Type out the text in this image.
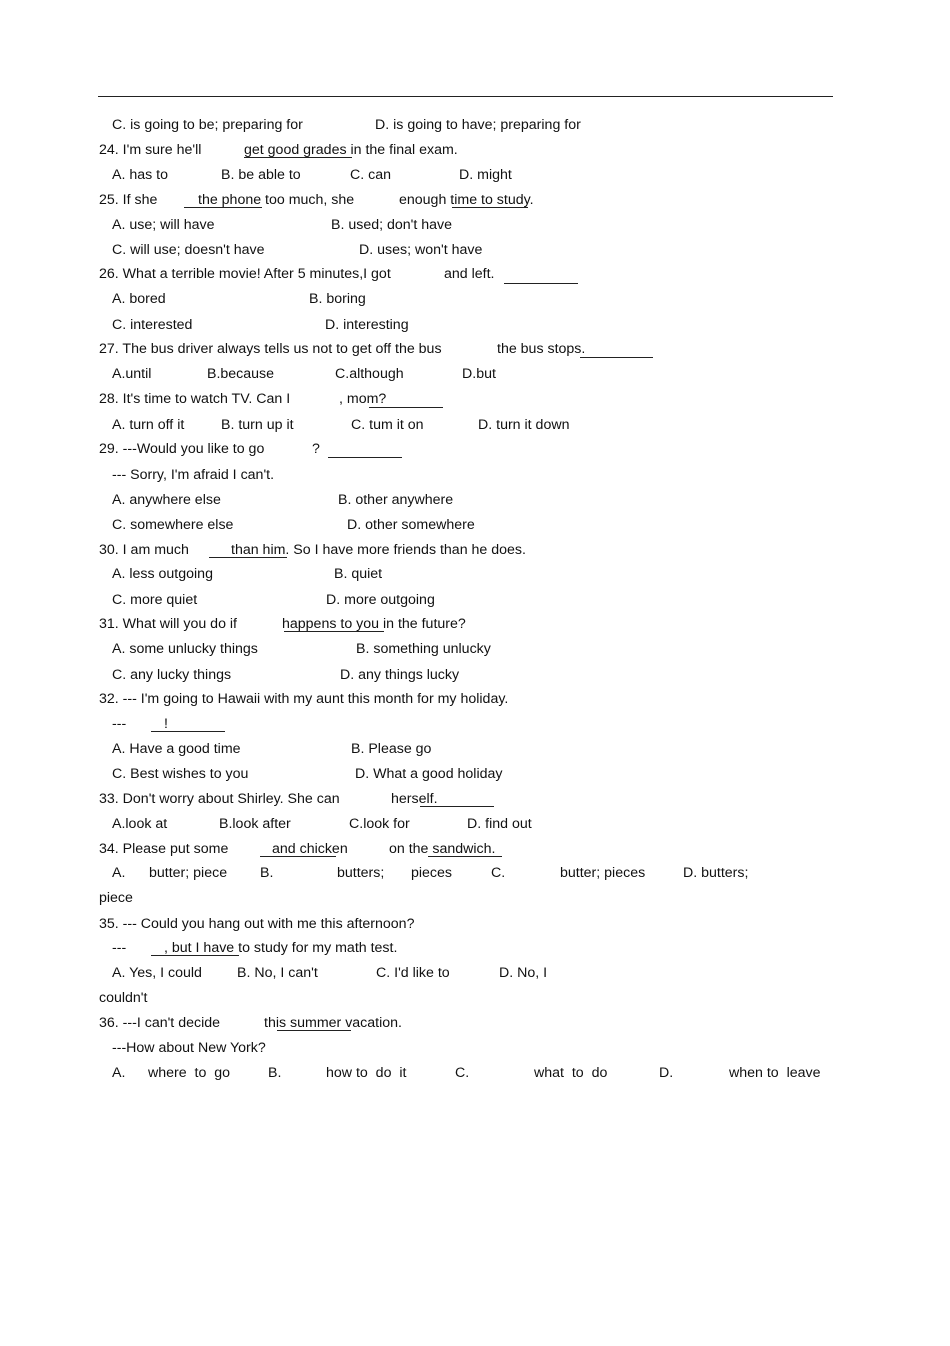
C. is going to be; preparing for	D. is going to have; preparing for
24. I'm sure he'll	get good grades in the final exam.
A. has to	B. be able to	C. can	D. might
25. If she	the phone too much, she	enough time to study.
A. use; will have	B. used; don't have
C. will use; doesn't have	D. uses; won't have
26. What a terrible movie! After 5 minutes,I got	and left.
A. bored	B. boring
C. interested	D. interesting
27. The bus driver always tells us not to get off the bus	the bus stops.
A.until	B.because	C.although	D.but
28. It's time to watch TV. Can I	, mom?
A. turn off it	B. turn up it	C. tum it on	D. turn it down
29. ---Would you like to go	?
--- Sorry, I'm afraid I can't.
A. anywhere else	B. other anywhere
C. somewhere else	D. other somewhere
30. I am much	than him. So I have more friends than he does.
A. less outgoing	B. quiet
C. more quiet	D. more outgoing
31. What will you do if	happens to you in the future?
A. some unlucky things	B. something unlucky
C. any lucky things	D. any things lucky
32. --- I'm going to Hawaii with my aunt this month for my holiday.
---	!
A. Have a good time	B. Please go
C. Best wishes to you	D. What a good holiday
33. Don't worry about Shirley. She can	herself.
A.look at	B.look after	C.look for	D. find out
34. Please put some	and chicken	on the sandwich.
A. butter; piece B.	butters; pieces	C.	butter; pieces	D. butters;
piece
35. --- Could you hang out with me this afternoon?
---	, but I have to study for my math test.
A. Yes, I could B. No, I can't	C. I'd like to	D. No, I
couldn't
36. ---I can't decide	this summer vacation.
---How about New York?
A. where  to  go	B.	how to  do  it	C.	what  to  do	D.	when to  leave
